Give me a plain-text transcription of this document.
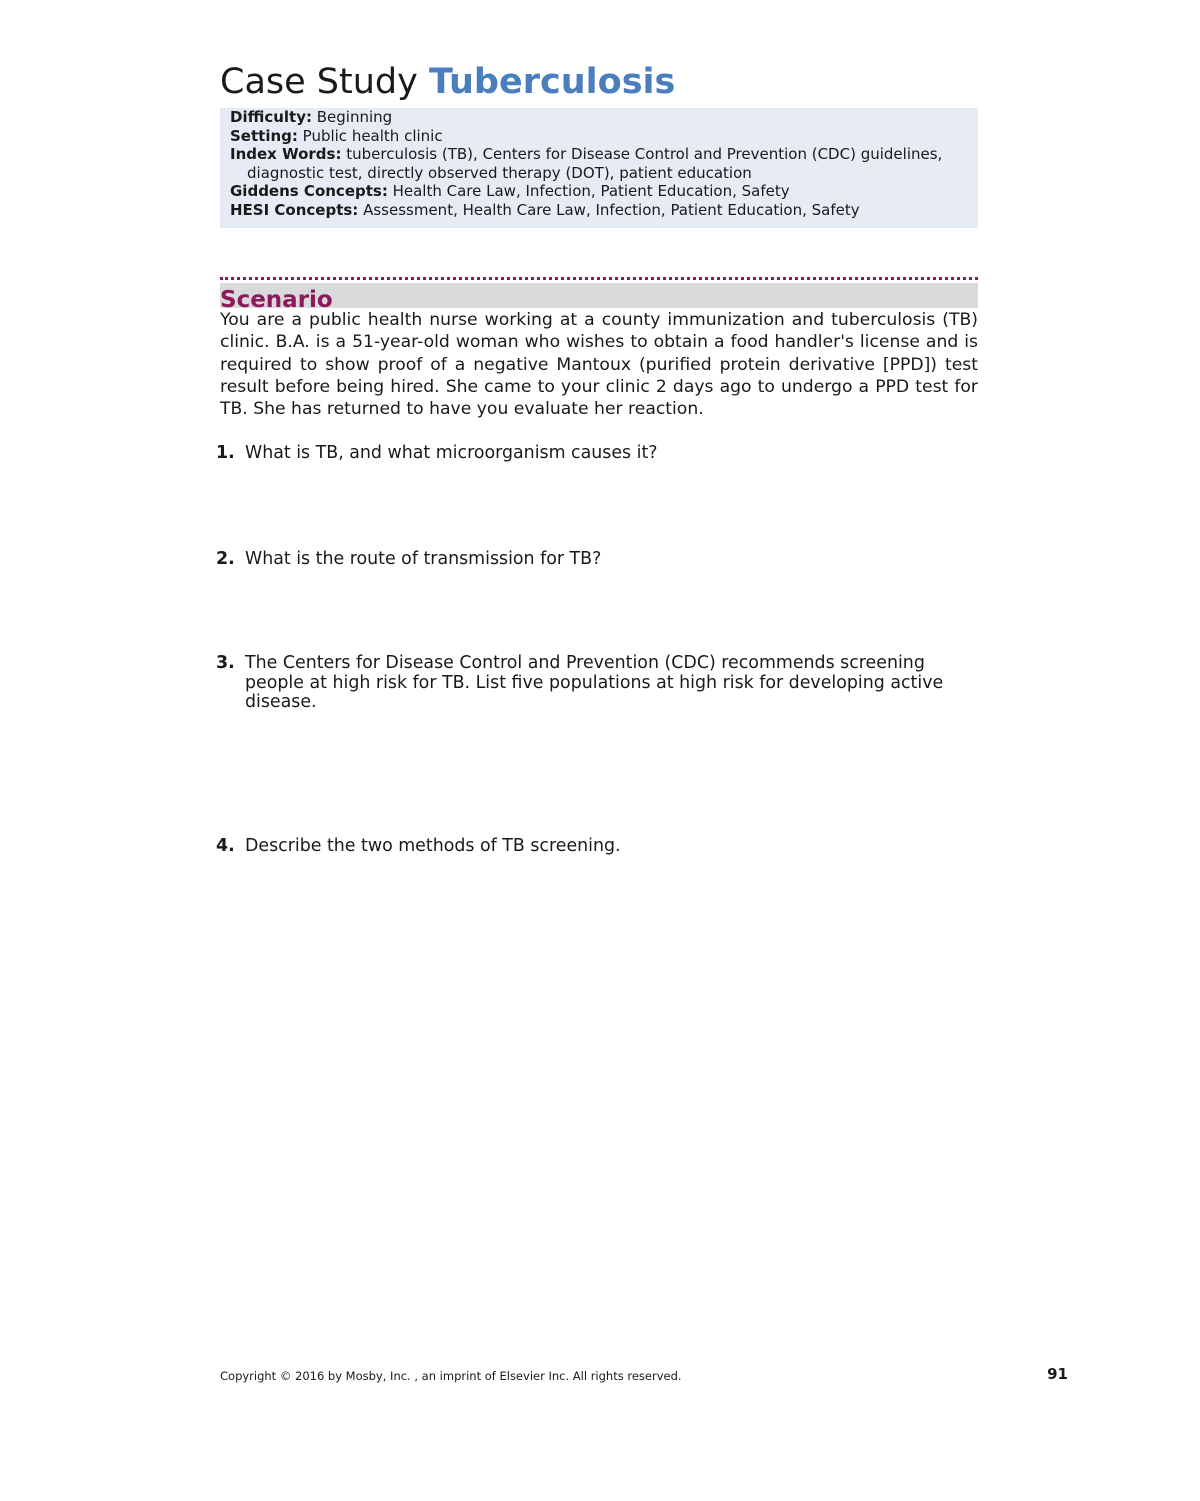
Case Study Tuberculosis
Difficulty: Beginning
Setting: Public health clinic
Index Words: tuberculosis (TB), Centers for Disease Control and Prevention (CDC) guidelines,
diagnostic test, directly observed therapy (DOT), patient education
Giddens Concepts: Health Care Law, Infection, Patient Education, Safety
HESI Concepts: Assessment, Health Care Law, Infection, Patient Education, Safety
Scenario

You are a public health nurse working at a county immunization and tuberculosis (TB) clinic. B.A. is a 51-year-old woman who wishes to obtain a food handler's license and is required to show proof of a negative Mantoux (purified protein derivative [PPD]) test result before being hired. She came to your clinic 2 days ago to undergo a PPD test for TB. She has returned to have you evaluate her reaction.

1. What is TB, and what microorganism causes it?
2. What is the route of transmission for TB?
3. The Centers for Disease Control and Prevention (CDC) recommends screening people at high risk for TB. List five populations at high risk for developing active disease.
4. Describe the two methods of TB screening.
Copyright © 2016 by Mosby, Inc. , an imprint of Elsevier Inc. All rights reserved.	91
